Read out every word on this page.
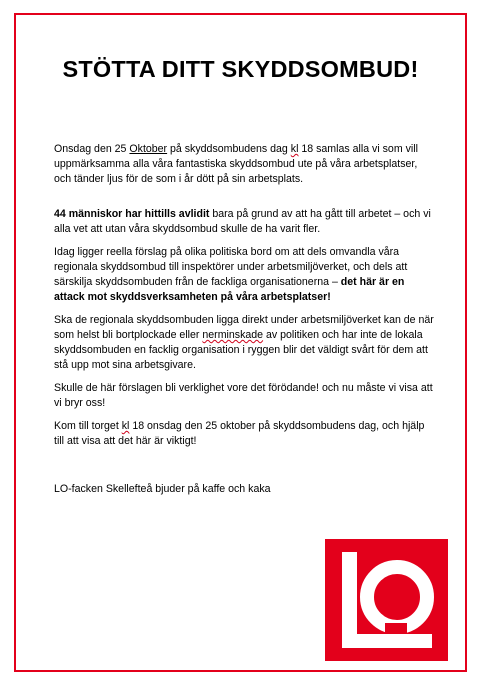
STÖTTA DITT SKYDDSOMBUD!

Onsdag den 25 Oktober på skyddsombudens dag kl 18 samlas alla vi som vill uppmärksamma alla våra fantastiska skyddsombud ute på våra arbetsplatser, och tänder ljus för de som i år dött på sin arbetsplats.

44 människor har hittills avlidit bara på grund av att ha gått till arbetet – och vi alla vet att utan våra skyddsombud skulle de ha varit fler.

Idag ligger reella förslag på olika politiska bord om att dels omvandla våra regionala skyddsombud till inspektörer under arbetsmiljöverket, och dels att särskilja skyddsombuden från de fackliga organisationerna – det här är en attack mot skyddsverksamheten på våra arbetsplatser!

Ska de regionala skyddsombuden ligga direkt under arbetsmiljöverket kan de när som helst bli bortplockade eller nerminskade av politiken och har inte de lokala skyddsombuden en facklig organisation i ryggen blir det väldigt svårt för dem att stå upp mot sina arbetsgivare.

Skulle de här förslagen bli verklighet vore det förödande! och nu måste vi visa att vi bryr oss!

Kom till torget kl 18 onsdag den 25 oktober på skyddsombudens dag, och hjälp till att visa att det här är viktigt!

LO-facken Skellefteå bjuder på kaffe och kaka
